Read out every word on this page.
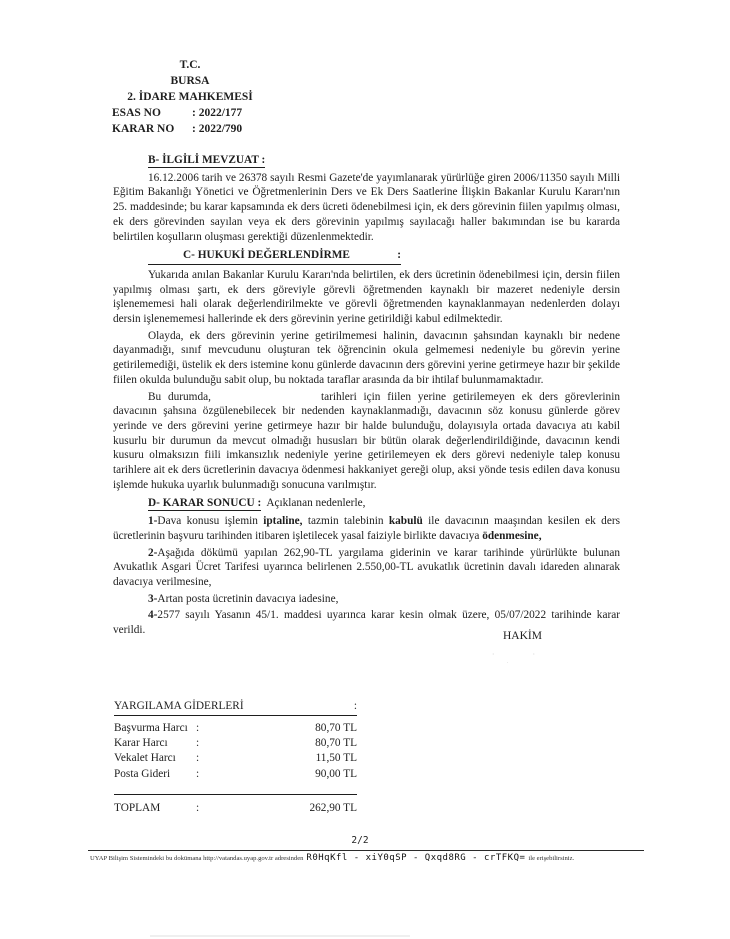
T.C.
BURSA
2. İDARE MAHKEMESİ
ESAS NO	: 2022/177
KARAR NO	: 2022/790

B- İLGİLİ MEVZUAT :

16.12.2006 tarih ve 26378 sayılı Resmi Gazete'de yayımlanarak yürürlüğe giren 2006/11350 sayılı Milli Eğitim Bakanlığı Yönetici ve Öğretmenlerinin Ders ve Ek Ders Saatlerine İlişkin Bakanlar Kurulu Kararı'nın 25. maddesinde; bu karar kapsamında ek ders ücreti ödenebilmesi için, ek ders görevinin fiilen yapılmış olması, ek ders görevinden sayılan veya ek ders görevinin yapılmış sayılacağı haller bakımından ise bu kararda belirtilen koşulların oluşması gerektiği düzenlenmektedir.

C- HUKUKİ DEĞERLENDİRME	:

Yukarıda anılan Bakanlar Kurulu Kararı'nda belirtilen, ek ders ücretinin ödenebilmesi için, dersin fiilen yapılmış olması şartı, ek ders göreviyle görevli öğretmenden kaynaklı bir mazeret nedeniyle dersin işlenememesi hali olarak değerlendirilmekte ve görevli öğretmenden kaynaklanmayan nedenlerden dolayı dersin işlenememesi hallerinde ek ders görevinin yerine getirildiği kabul edilmektedir.

Olayda, ek ders görevinin yerine getirilmemesi halinin, davacının şahsından kaynaklı bir nedene dayanmadığı, sınıf mevcudunu oluşturan tek öğrencinin okula gelmemesi nedeniyle bu görevin yerine getirilemediği, üstelik ek ders istemine konu günlerde davacının ders görevini yerine getirmeye hazır bir şekilde fiilen okulda bulunduğu sabit olup, bu noktada taraflar arasında da bir ihtilaf bulunmamaktadır.

Bu durumda,	tarihleri için fiilen yerine getirilemeyen ek ders görevlerinin davacının şahsına özgülenebilecek bir nedenden kaynaklanmadığı, davacının söz konusu günlerde görev yerinde ve ders görevini yerine getirmeye hazır bir halde bulunduğu, dolayısıyla ortada davacıya atı kabil kusurlu bir durumun da mevcut olmadığı hususları bir bütün olarak değerlendirildiğinde, davacının kendi kusuru olmaksızın fiili imkansızlık nedeniyle yerine getirilemeyen ek ders görevi nedeniyle talep konusu tarihlere ait ek ders ücretlerinin davacıya ödenmesi hakkaniyet gereği olup, aksi yönde tesis edilen dava konusu işlemde hukuka uyarlık bulunmadığı sonucuna varılmıştır.

D- KARAR SONUCU : Açıklanan nedenlerle,

1-Dava konusu işlemin iptaline, tazmin talebinin kabulü ile davacının maaşından kesilen ek ders ücretlerinin başvuru tarihinden itibaren işletilecek yasal faiziyle birlikte davacıya ödenmesine,

2-Aşağıda dökümü yapılan 262,90-TL yargılama giderinin ve karar tarihinde yürürlükte bulunan Avukatlık Asgari Ücret Tarifesi uyarınca belirlenen 2.550,00-TL avukatlık ücretinin davalı idareden alınarak davacıya verilmesine,

3-Artan posta ücretinin davacıya iadesine,

4-2577 sayılı Yasanın 45/1. maddesi uyarınca karar kesin olmak üzere, 05/07/2022 tarihinde karar verildi.	HAKİM
· ·
·
YARGILAMA GİDERLERİ	:
Başvurma Harcı :	80,70 TL
Karar Harcı	:	80,70 TL
Vekalet Harcı	:	11,50 TL
Posta Gideri	:	90,00 TL
TOPLAM	:	262,90 TL
2/2
UYAP Bilişim Sistemindeki bu dokümana http://vatandas.uyap.gov.tr adresinden R0HqKfl - xiY0qSP - Qxqd8RG - crTFKQ= ile erişebilirsiniz.
